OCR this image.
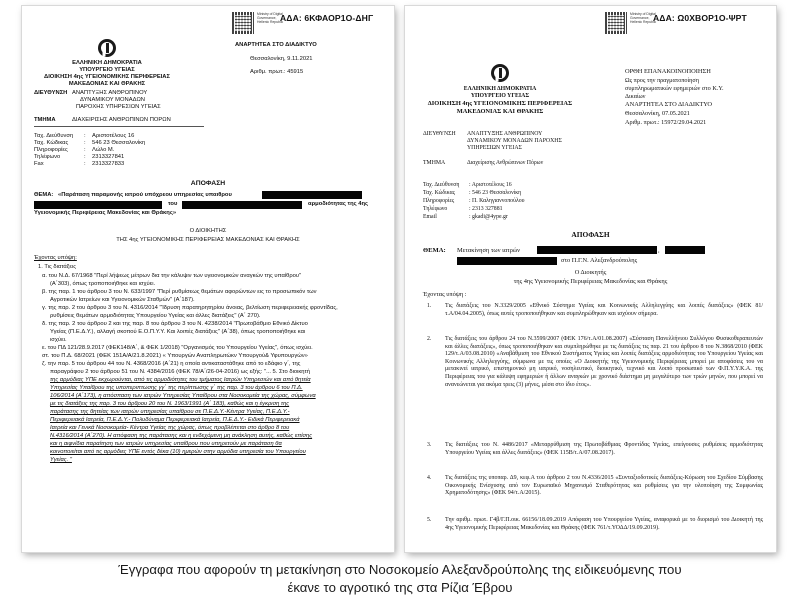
ΑΔΑ: 6ΚΦΑΟΡ1Ο-ΔΗΓ
Ministry of Digital
Governance,
Hellenic Republic
ΑΝΑΡΤΗΤΕΑ ΣΤΟ ΔΙΑΔΙΚΤΥΟ
Θεσσαλονίκη, 9.11.2021
Αριθμ. πρωτ.: 45915
ΕΛΛΗΝΙΚΗ ΔΗΜΟΚΡΑΤΙΑ
ΥΠΟΥΡΓΕΙΟ ΥΓΕΙΑΣ
ΔΙΟΙΚΗΣΗ 4ης ΥΓΕΙΟΝΟΜΙΚΗΣ ΠΕΡΙΦΕΡΕΙΑΣ
ΜΑΚΕΔΟΝΙΑΣ ΚΑΙ ΘΡΑΚΗΣ
ΔΙΕΥΘΥΝΣΗ ΑΝΑΠΤΥΞΗΣ ΑΝΘΡΩΠΙΝΟΥ
ΔΥΝΑΜΙΚΟΥ ΜΟΝΑΔΩΝ
ΠΑΡΟΧΗΣ ΥΠΗΡΕΣΙΩΝ ΥΓΕΙΑΣ
ΤΜΗΜΑ	ΔΙΑΧΕΙΡΙΣΗΣ ΑΝΘΡΩΠΙΝΩΝ ΠΟΡΩΝ
Ταχ. Διεύθυνση : Αριστοτέλους 16
Ταχ. Κώδικας	: 546 23 Θεσσαλονίκη
Πληροφορίες	: Λώλο Μ.
Τηλέφωνο	: 2313327841
Fax	: 2313327833
ΑΠΟΦΑΣΗ
ΘΕΜΑ: «Παράταση παραμονής ιατρού υπόχρεου υπηρεσίας υπαιθρου
του	αρμοδιότητας της 4ης
Υγειονομικής Περιφέρειας Μακεδονίας και Θράκης»
Ο ΔΙΟΙΚΗΤΗΣ
ΤΗΣ 4ης ΥΓΕΙΟΝΟΜΙΚΗΣ ΠΕΡΙΦΕΡΕΙΑΣ ΜΑΚΕΔΟΝΙΑΣ ΚΑΙ ΘΡΑΚΗΣ
Έχοντας υπόψη:
1. Τις διατάξεις
α. του Ν.Δ. 67/1968 "Περί λήψεως μέτρων δια την κάλυψιν των υγειονομικών αναγκών της υπαίθρου"
(Α΄303), όπως τροποποιήθηκε και ισχύει.
β. της παρ. 1 του άρθρου 3 του Ν. 633/1997 "Περί ρυθμίσεως θεμάτων αφορώντων εις το προσωπικόν των
Αγροτικών Ιατρείων και Υγειονομικών Σταθμών" (Α΄187).
γ. της παρ. 2 του άρθρου 3 του Ν. 4316/2014 "Ίδρυση παρατηρητηρίου άνοιας, βελτίωση περιφερειακής φροντίδας,
ρυθμίσεις θεμάτων αρμοδιότητας Υπουργείου Υγείας και άλλες διατάξεις" (Α΄ 270).
δ. της παρ. 2 του άρθρου 2 και της παρ. 8 του άρθρου 3 του Ν. 4238/2014 "Πρωτοβάθμιο Εθνικό Δίκτυο
Υγείας (Π.Ε.Δ.Υ.), αλλαγή σκοπού Ε.Ο.Π.Υ.Υ. Και λοιπές διατάξεις" (Α΄38), όπως τροποποιήθηκε και
ισχύει.
ε. του ΠΔ 121/28.9.2017 (ΦΕΚ148/Α΄, & ΦΕΚ 1/2018) "Οργανισμός του Υπουργείου Υγείας", όπως ισχύει.
στ. του Π.Δ. 68/2021 (ΦΕΚ 151Α/Α/21.8.2021) « Υπουργών Αναπληρωτώκν Υπουργού& Υφυπουργών»
ζ. την παρ. 5 του άρθρου 44 του Ν. 4368/2016 (Α΄21) η οποία αντικαταστάθηκε από το εδάφιο γ΄, της
παραγράφου 2 του άρθρου 51 του Ν. 4384/2016 (ΦΕΚ 78/Α΄/26-04-2016) ως εξής: "... 5. Στο διοικητή
της αρμόδιας ΥΠΕ εκχωρούνται, από τις αρμοδιότητες του τμήματος Ιατρών Υπηρεσιών και από θητεία
Υπηρεσίας Υπαίθρου της υποπεριπτωσης γγ΄ της περίπτωσης γ΄ της παρ. 3 του άρθρου 6 του Π.Δ.
106/2014 (Α΄173), η απόσπαση των ιατρών Υπηρεσίας Υπαίθρου στα Νοσοκομεία της χώρας, σύμφωνα
με τις διατάξεις της παρ. 3 του άρθρου 20 του Ν. 1963/1991 (Α΄ 183), καθώς και η έγκριση της
παράτασης της θητείας των ιατρών υπηρεσίας υπαίθρου σε Π.Ε.Δ.Υ.-Κέντρα Υγείας, Π.Ε.Δ.Υ.-
Περιφερειακά Ιατρεία, Π.Ε.Δ.Υ.- Πολυδύναμα Περιφερειακά Ιατρεία, Π.Ε.Δ.Υ.- Ειδικά Περιφερειακά
Ιατρεία και Γενικά Νοσοκομεία- Κέντρα Υγείας της χώρας, όπως προβλέπεται στο άρθρο 8 του
Ν.4316/2014 (Α΄270). Η απόφαση της παράτασης και η ενδεχόμενη μη ανάκληση αυτής, καθώς επίσης
και η αιφνίδια παραίτηση των ιατρών υπηρεσίας υπαίθρου που υπηρετούν με παράταση θα
κοινοποιείται από τις αρμόδιες ΥΠΕ εντός δέκα (10) ημερών στην αρμόδια υπηρεσία του Υπουργείου
Υγείας. "
ΑΔΑ: Ω0ΧΒΟΡ1Ο-ΨΡΤ
Ministry of Digital
Governance,
Hellenic Republic
ΟΡΘΗ ΕΠΑΝΑΚΟΙΝΟΠΟΙΗΣΗ
Ως προς την πραγματοποίηση
συμπληρωματικών εφημεριών στο Κ.Υ.
Δικαίων
ΑΝΑΡΤΗΤΕΑ ΣΤΟ ΔΙΑΔΙΚΤΥΟ
Θεσσαλονίκη, 07.05.2021
Αριθμ. πρωτ.: 15972/29.04.2021
ΕΛΛΗΝΙΚΗ ΔΗΜΟΚΡΑΤΙΑ
ΥΠΟΥΡΓΕΙΟ ΥΓΕΙΑΣ
ΔΙΟΙΚΗΣΗ 4ης ΥΓΕΙΟΝΟΜΙΚΗΣ ΠΕΡΙΦΕΡΕΙΑΣ
ΜΑΚΕΔΟΝΙΑΣ ΚΑΙ ΘΡΑΚΗΣ
ΔΙΕΥΘΥΝΣΗ ΑΝΑΠΤΥΞΗΣ ΑΝΘΡΩΠΙΝΟΥ
ΔΥΝΑΜΙΚΟΥ ΜΟΝΑΔΩΝ ΠΑΡΟΧΗΣ
ΥΠΗΡΕΣΙΩΝ ΥΓΕΙΑΣ
ΤΜΗΜΑ	Διαχείρισης Ανθρώπινων Πόρων
Ταχ. Διεύθυνση : Αριστοτέλους 16
Ταχ. Κώδικας : 546 23 Θεσσαλονίκη
Πληροφορίες	: Π. Καληγιαννοπούλου
Τηλέφωνο	: 2313 327881
Email	: gkadi@4ype.gr
ΑΠΟΦΑΣΗ
ΘΕΜΑ: Μετακίνηση των ιατρών	,
στο Π.Γ.Ν. Αλεξανδρούπολης
Ο Διοικητής
της 4ης Υγειονομικής Περιφέρειας Μακεδονίας και Θράκης
Έχοντας υπόψη :
1. Τις διατάξεις του Ν.3329/2005 «Εθνικό Σύστημα Υγείας και Κοινωνικής Αλληλεγγύης και λοιπές διατάξεις» (ΦΕΚ 81/τ.Α/04.04.2005), όπως αυτές τροποποιήθηκαν και συμπληρώθηκαν και ισχύουν σήμερα.
2. Τις διατάξεις του άρθρου 24 του Ν.3599/2007 (ΦΕΚ 176/τ.Α/01.08.2007) «Σύσταση Πανελλήνιου Συλλόγου Φυσικοθεραπευτών και άλλες διατάξεις», όπως τροποποιήθηκαν και συμπληρώθηκε με τις διατάξεις τις παρ. 21 του άρθρου 8 του Ν.3868/2010 (ΦΕΚ 129/τ.Α/03.08.2010) «Αναβάθμιση του Εθνικού Συστήματος Υγείας και λοιπές διατάξεις αρμοδιότητας του Υπουργείου Υγείας και Κοινωνικής Αλληλεγγύης, σύμφωνα με τις οποίες «Ο Διοικητής της Υγειονομικής Περιφέρειας μπορεί με αποφάσεις του να μετακινεί ιατρικό, επιστημονικό μη ιατρικό, νοσηλευτικό, διοικητικό, τεχνικό και λοιπό προσωπικό των Φ.Π.Υ.Υ.Κ.Α. της Περιφέρειας του για κάλυψη εφημεριών ή άλλων αναγκών με χρονικό διάστημα μη μεγαλύτερο των τριών μηνών, που μπορεί να ανανεώνεται για ακόμα τρεις (3) μήνες, μέσα στο ίδιο έτος».
3. Τις διατάξεις του Ν. 4486/2017 «Μεταρρύθμιση της Πρωτοβάθμιας Φροντίδας Υγείας, επείγουσες ρυθμίσεις αρμοδιότητας Υπουργείου Υγείας και άλλες διατάξεις» (ΦΕΚ 115Β/τ.Α/07.08.2017).
4. Τις διατάξεις της υποπαρ. Δ9, κεφ.Α του άρθρου 2 του Ν.4336/2015 «Συνταξιοδοτικές διατάξεις-Κύρωση του Σχεδίου Σύμβασης Οικονομικής Ενίσχυσης από τον Ευρωπαϊκό Μηχανισμό Σταθερότητας και ρυθμίσεις για την υλοποίηση της Συμφωνίας Χρηματοδότησης» (ΦΕΚ 94/τ.Α/2015).
5. Την αριθμ. πρωτ. Γ4β/Γ.Π.οικ. 66156/18.09.2019 Απόφαση του Υπουργείου Υγείας, αναφορικά με το διορισμό του Διοικητή της 4ης Υγειονομικής Περιφέρειας Μακεδονίας και Θράκης (ΦΕΚ 761/τ.ΥΟΔΔ/19.09.2019).
Έγγραφα που αφορούν τη μετακίνηση στο Νοσοκομείο Αλεξανδρούπολης της ειδικευόμενης που
έκανε το αγροτικό της στα Ρίζια Έβρου
